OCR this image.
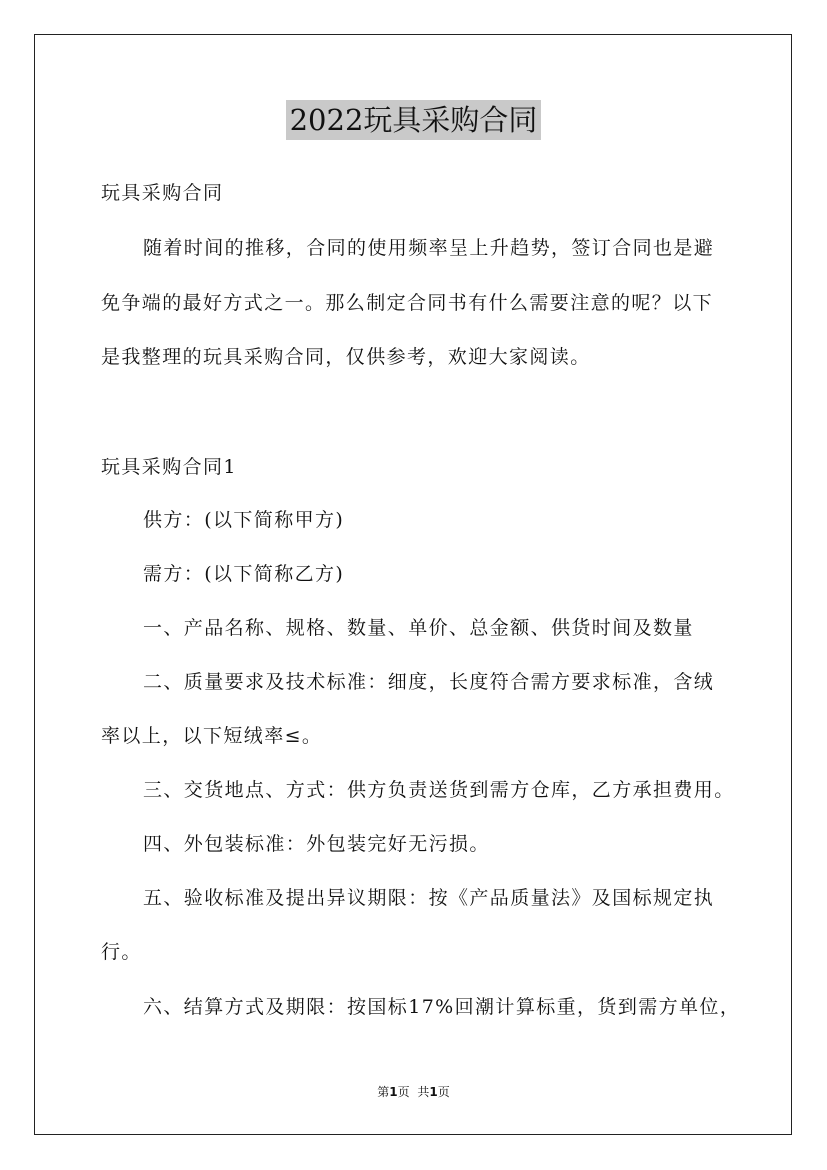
2022玩具采购合同
玩具采购合同
随着时间的推移，合同的使用频率呈上升趋势，签订合同也是避
免争端的最好方式之一。那么制定合同书有什么需要注意的呢？以下
是我整理的玩具采购合同，仅供参考，欢迎大家阅读。
玩具采购合同1
供方：(以下简称甲方)
需方：(以下简称乙方)
一、产品名称、规格、数量、单价、总金额、供货时间及数量
二、质量要求及技术标准：细度，长度符合需方要求标准，含绒
率以上，以下短绒率≤。
三、交货地点、方式：供方负责送货到需方仓库，乙方承担费用。
四、外包装标准：外包装完好无污损。
五、验收标准及提出异议期限：按《产品质量法》及国标规定执
行。
六、结算方式及期限：按国标17%回潮计算标重，货到需方单位，
第1页 共1页
